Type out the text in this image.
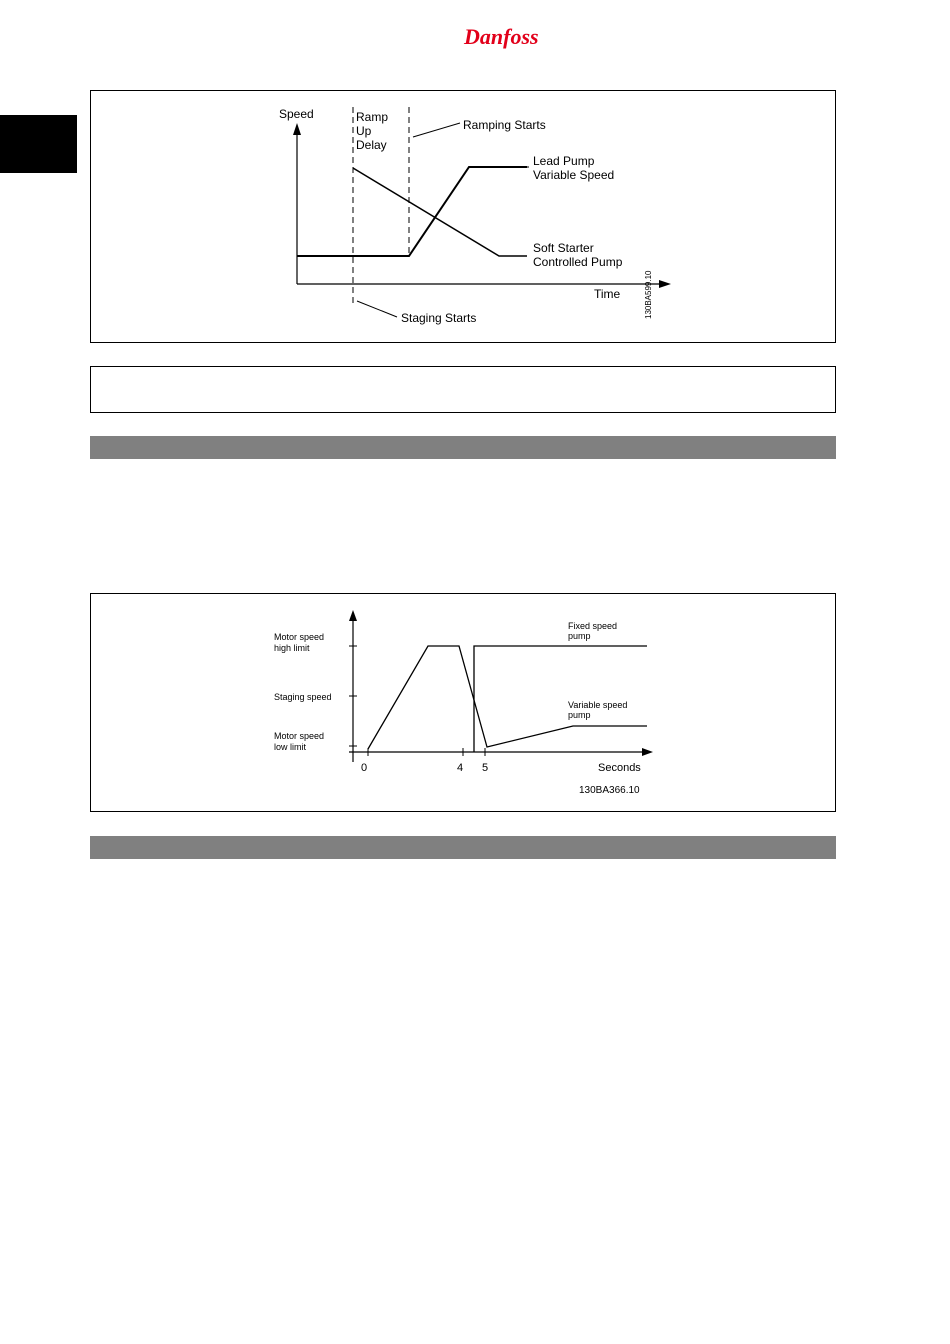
Danfoss
Speed
Time
Ramp Up Delay
Ramping Starts
Lead Pump Variable Speed
Soft Starter Controlled Pump
Staging Starts	130BA599.10
Motor speed high limit
Staging speed
Motor speed low limit
0	4 5	Seconds
Fixed speed pump
Variable speed pump
130BA366.10
